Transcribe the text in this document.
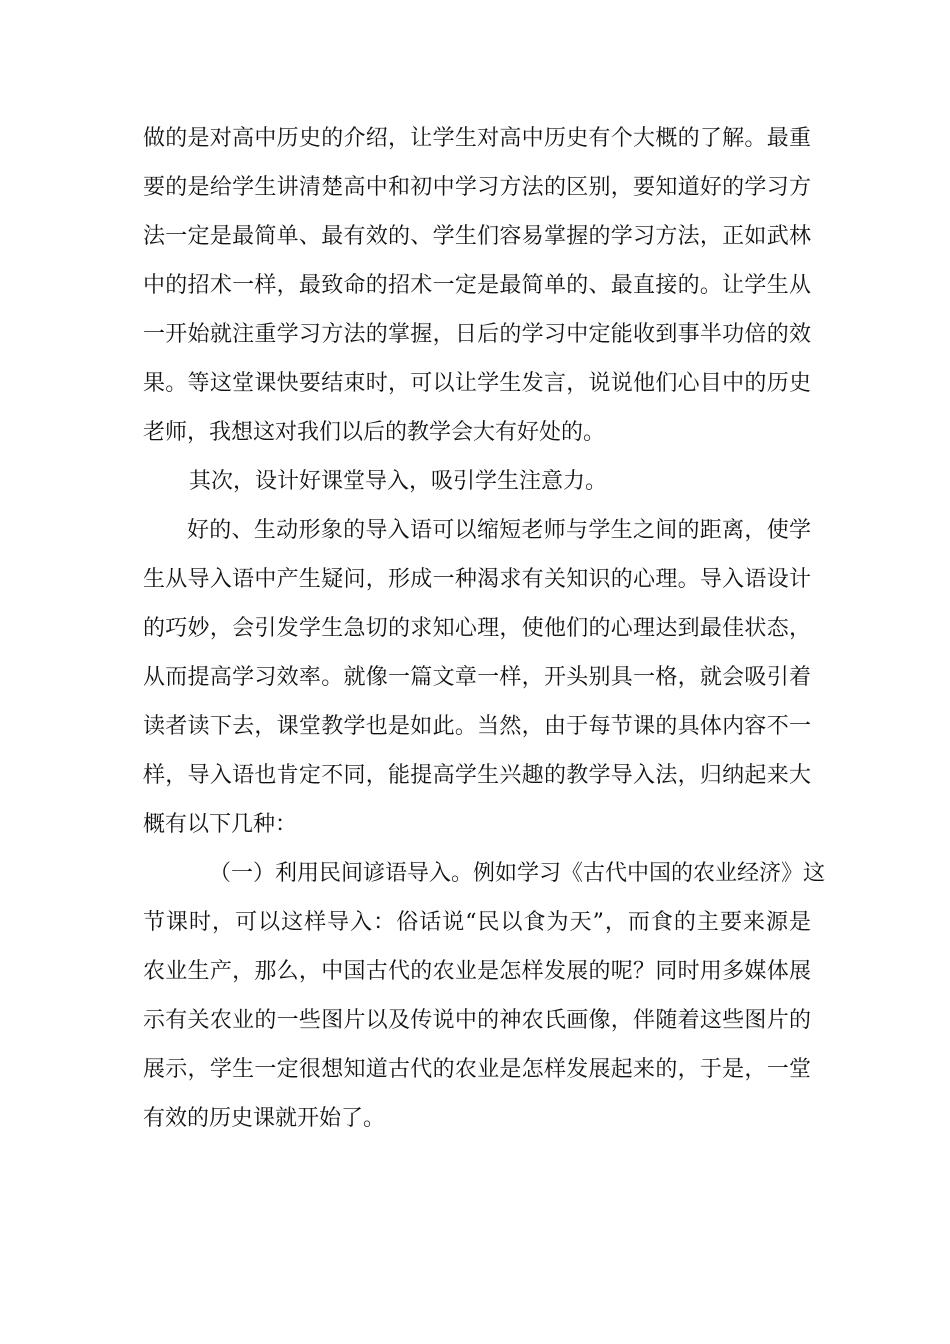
做的是对高中历史的介绍，让学生对高中历史有个大概的了解。最重
要的是给学生讲清楚高中和初中学习方法的区别，要知道好的学习方
法一定是最简单、最有效的、学生们容易掌握的学习方法，正如武林
中的招术一样，最致命的招术一定是最简单的、最直接的。让学生从
一开始就注重学习方法的掌握，日后的学习中定能收到事半功倍的效
果。等这堂课快要结束时，可以让学生发言，说说他们心目中的历史
老师，我想这对我们以后的教学会大有好处的。
其次，设计好课堂导入，吸引学生注意力。
好的、生动形象的导入语可以缩短老师与学生之间的距离，使学
生从导入语中产生疑问，形成一种渴求有关知识的心理。导入语设计
的巧妙，会引发学生急切的求知心理，使他们的心理达到最佳状态，
从而提高学习效率。就像一篇文章一样，开头别具一格，就会吸引着
读者读下去，课堂教学也是如此。当然，由于每节课的具体内容不一
样，导入语也肯定不同，能提高学生兴趣的教学导入法，归纳起来大
概有以下几种：
（一）利用民间谚语导入。例如学习《古代中国的农业经济》这
节课时，可以这样导入：俗话说“民以食为天”，而食的主要来源是
农业生产，那么，中国古代的农业是怎样发展的呢？同时用多媒体展
示有关农业的一些图片以及传说中的神农氏画像，伴随着这些图片的
展示，学生一定很想知道古代的农业是怎样发展起来的，于是，一堂
有效的历史课就开始了。
